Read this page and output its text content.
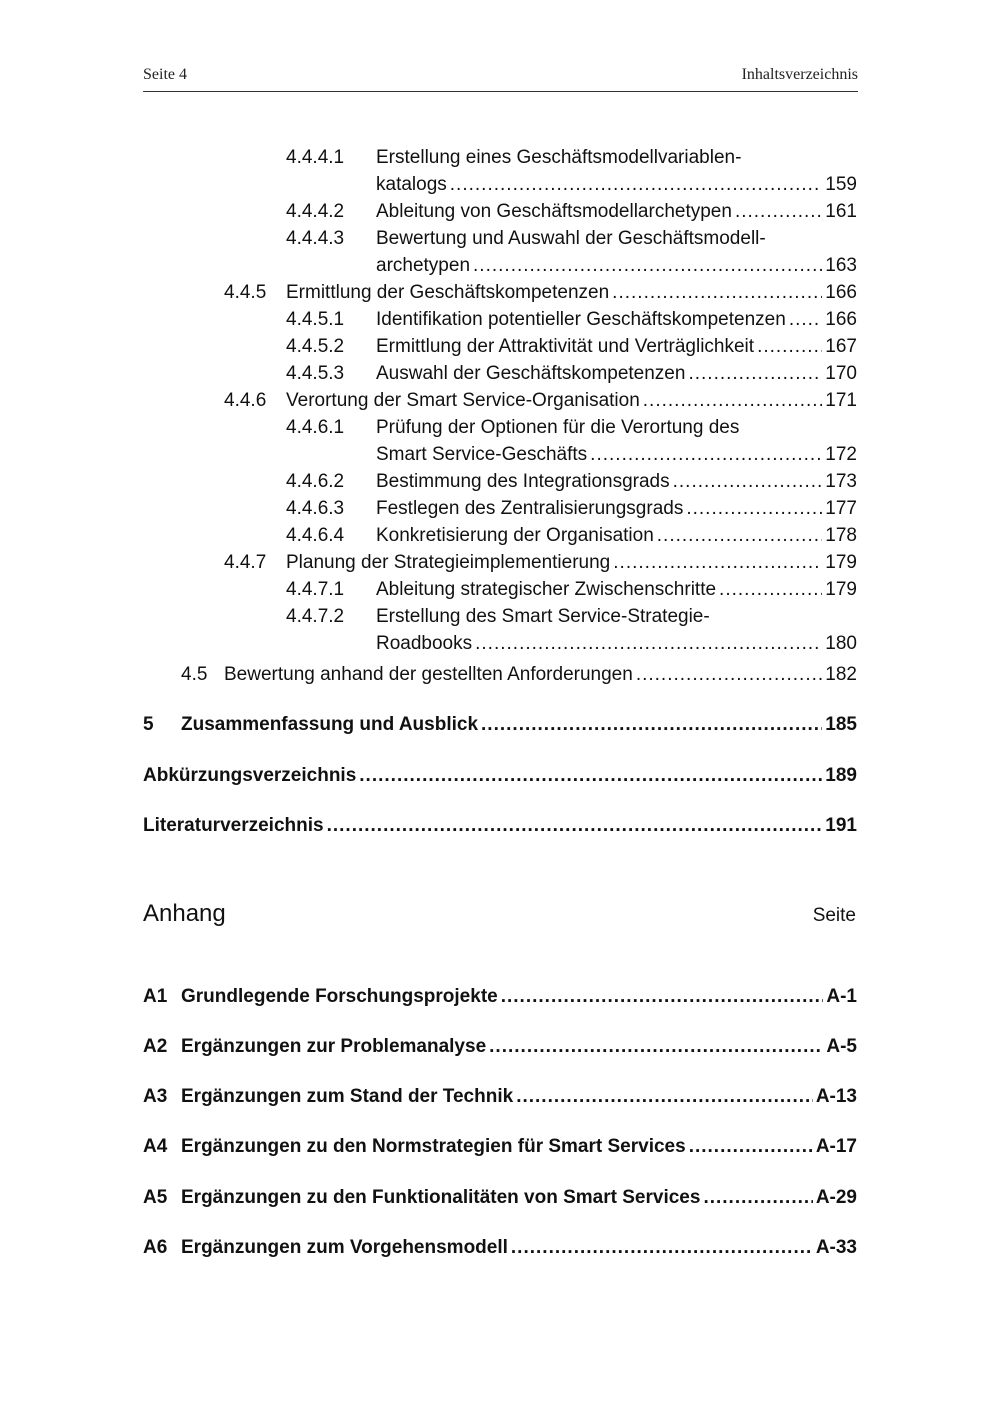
Seite 4	Inhaltsverzeichnis
4.4.4.1 Erstellung eines Geschäftsmodellvariablen-
katalogs .....	159
4.4.4.2 Ableitung von Geschäftsmodellarchetypen .....	161
4.4.4.3 Bewertung und Auswahl der Geschäftsmodell-
archetypen .....	163
4.4.5 Ermittlung der Geschäftskompetenzen .....	166
4.4.5.1 Identifikation potentieller Geschäftskompetenzen ..... 166
4.4.5.2 Ermittlung der Attraktivität und Verträglichkeit .....	167
4.4.5.3 Auswahl der Geschäftskompetenzen .....	170
4.4.6 Verortung der Smart Service-Organisation .....	171
4.4.6.1 Prüfung der Optionen für die Verortung des
Smart Service-Geschäfts .....	172
4.4.6.2 Bestimmung des Integrationsgrads .....	173
4.4.6.3 Festlegen des Zentralisierungsgrads .....	177
4.4.6.4 Konkretisierung der Organisation .....	178
4.4.7 Planung der Strategieimplementierung .....	179
4.4.7.1 Ableitung strategischer Zwischenschritte .....	179
4.4.7.2 Erstellung des Smart Service-Strategie-
Roadbooks .....	180
4.5 Bewertung anhand der gestellten Anforderungen .....	182
5 Zusammenfassung und Ausblick .....	185
Abkürzungsverzeichnis .....	189
Literaturverzeichnis .....	191
Anhang	Seite
A1 Grundlegende Forschungsprojekte .....	A-1
A2 Ergänzungen zur Problemanalyse .....	A-5
A3 Ergänzungen zum Stand der Technik .....	A-13
A4 Ergänzungen zu den Normstrategien für Smart Services .....	A-17
A5 Ergänzungen zu den Funktionalitäten von Smart Services .....	A-29
A6 Ergänzungen zum Vorgehensmodell .....	A-33
